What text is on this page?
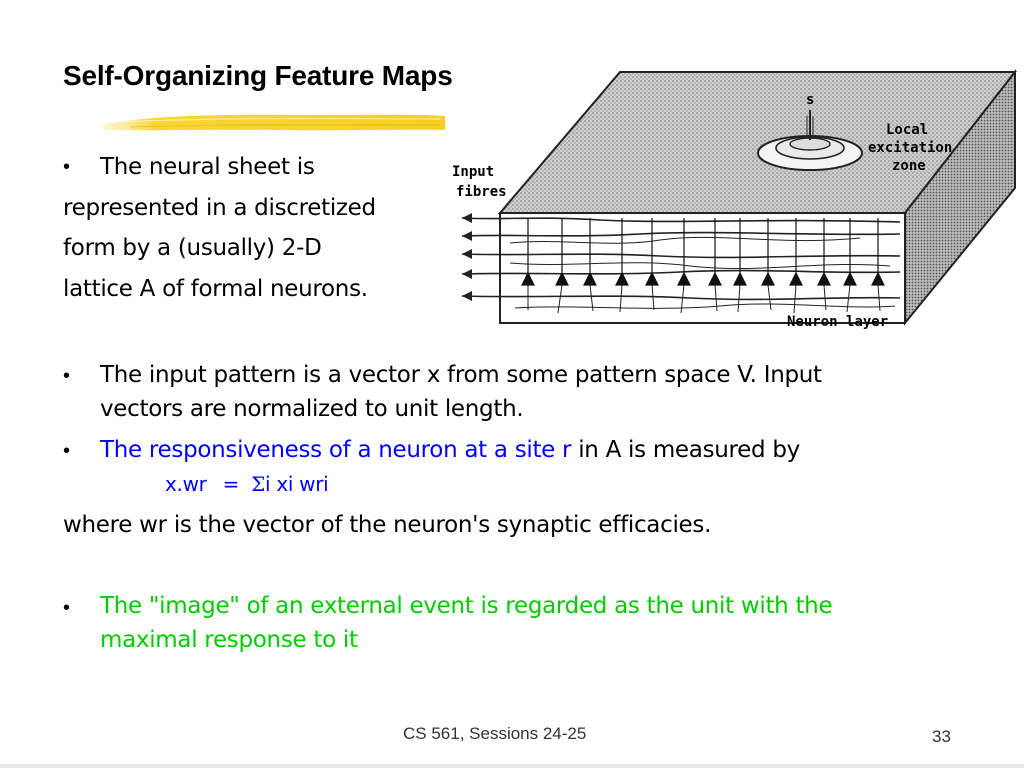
Self-Organizing Feature Maps
• The neural sheet is
represented in a discretized
form by a (usually) 2-D
lattice A of formal neurons.
s
Input
fibres
Local
excitation
zone
Neuron layer
• The input pattern is a vector x from some pattern space V. Input
vectors are normalized to unit length.
• The responsiveness of a neuron at a site r in A is measured by
x.wr = Σi xi wri
where wr is the vector of the neuron's synaptic efficacies.
• The "image" of an external event is regarded as the unit with the
maximal response to it
CS 561, Sessions 24-25	33
